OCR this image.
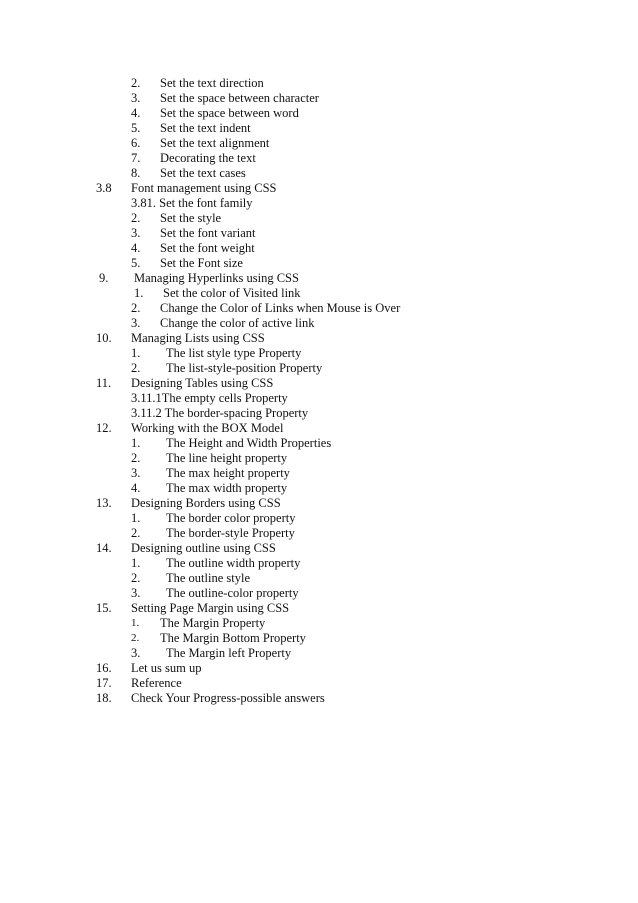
2. Set the text direction
3. Set the space between character
4. Set the space between word
5. Set the text indent
6. Set the text alignment
7. Decorating the text
8. Set the text cases
3.8 Font management using CSS
3.81. Set the font family
2. Set the style
3. Set the font variant
4. Set the font weight
5. Set the Font size
9. Managing Hyperlinks using CSS
1. Set the color of Visited link
2. Change the Color of Links when Mouse is Over
3. Change the color of active link
10. Managing Lists using CSS
1. The list style type Property
2. The list-style-position Property
11. Designing Tables using CSS
3.11.1The empty cells Property
3.11.2 The border-spacing Property
12. Working with the BOX Model
1. The Height and Width Properties
2. The line height property
3. The max height property
4. The max width property
13. Designing Borders using CSS
1. The border color property
2. The border-style Property
14. Designing outline using CSS
1. The outline width property
2. The outline style
3. The outline-color property
15. Setting Page Margin using CSS
1. The Margin Property
2. The Margin Bottom Property
3. The Margin left Property
16. Let us sum up
17. Reference
18. Check Your Progress-possible answers
